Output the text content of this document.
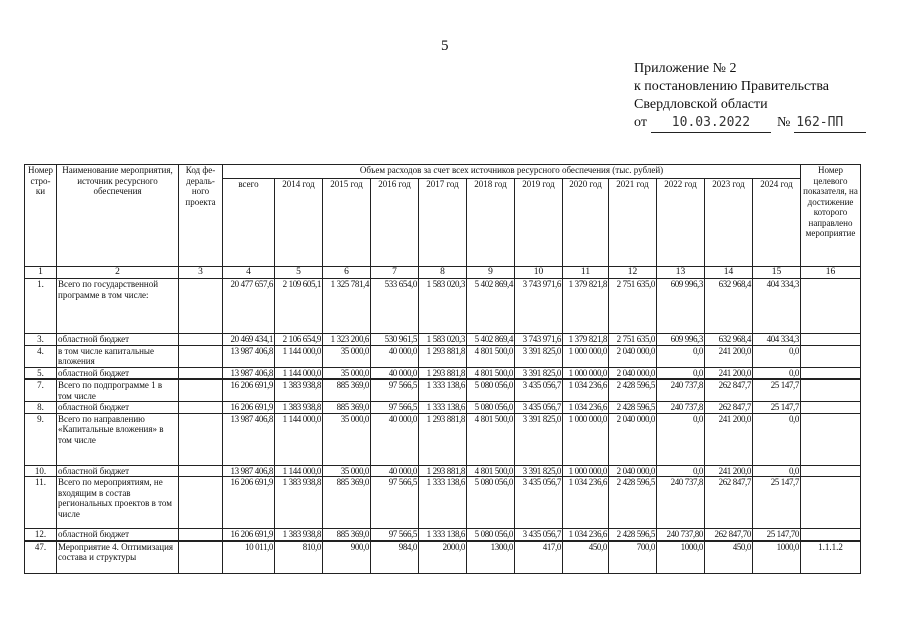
5
Приложение № 2
к постановлению Правительства
Свердловской области
от 10.03.2022 № 162-ПП
Номер стро-ки	Наименование мероприятия, источник ресурсного обеспечения	Код фе-дераль-ного проекта	Объем расходов за счет всех источников ресурсного обеспечения (тыс. рублей)												Номер целевого показателя, на достижение которого направлено мероприятие
			всего	2014 год	2015 год	2016 год	2017 год	2018 год	2019 год	2020 год	2021 год	2022 год	2023 год	2024 год	
1	2	3	4	5	6	7	8	9	10	11	12	13	14	15	16
1.	Всего по государственной программе в том числе:		20 477 657,6	2 109 605,1	1 325 781,4	533 654,0	1 583 020,3	5 402 869,4	3 743 971,6	1 379 821,8	2 751 635,0	609 996,3	632 968,4	404 334,3	
3.	областной бюджет		20 469 434,1	2 106 654,9	1 323 200,6	530 961,5	1 583 020,3	5 402 869,4	3 743 971,6	1 379 821,8	2 751 635,0	609 996,3	632 968,4	404 334,3	
4.	в том числе капитальные вложения		13 987 406,8	1 144 000,0	35 000,0	40 000,0	1 293 881,8	4 801 500,0	3 391 825,0	1 000 000,0	2 040 000,0	0,0	241 200,0	0,0	
5.	областной бюджет		13 987 406,8	1 144 000,0	35 000,0	40 000,0	1 293 881,8	4 801 500,0	3 391 825,0	1 000 000,0	2 040 000,0	0,0	241 200,0	0,0	
7.	Всего по подпрограмме 1 в том числе		16 206 691,9	1 383 938,8	885 369,0	97 566,5	1 333 138,6	5 080 056,0	3 435 056,7	1 034 236,6	2 428 596,5	240 737,8	262 847,7	25 147,7	
8.	областной бюджет		16 206 691,9	1 383 938,8	885 369,0	97 566,5	1 333 138,6	5 080 056,0	3 435 056,7	1 034 236,6	2 428 596,5	240 737,8	262 847,7	25 147,7	
9.	Всего по направлению «Капитальные вложения» в том числе		13 987 406,8	1 144 000,0	35 000,0	40 000,0	1 293 881,8	4 801 500,0	3 391 825,0	1 000 000,0	2 040 000,0	0,0	241 200,0	0,0	
10.	областной бюджет		13 987 406,8	1 144 000,0	35 000,0	40 000,0	1 293 881,8	4 801 500,0	3 391 825,0	1 000 000,0	2 040 000,0	0,0	241 200,0	0,0	
11.	Всего по мероприятиям, не входящим в состав региональных проектов в том числе		16 206 691,9	1 383 938,8	885 369,0	97 566,5	1 333 138,6	5 080 056,0	3 435 056,7	1 034 236,6	2 428 596,5	240 737,8	262 847,7	25 147,7	
12.	областной бюджет		16 206 691,9	1 383 938,8	885 369,0	97 566,5	1 333 138,6	5 080 056,0	3 435 056,7	1 034 236,6	2 428 596,5	240 737,80	262 847,70	25 147,70	
47.	Мероприятие 4. Оптимизация состава и структуры		10 011,0	810,0	900,0	984,0	2000,0	1300,0	417,0	450,0	700,0	1000,0	450,0	1000,0	1.1.1.2
